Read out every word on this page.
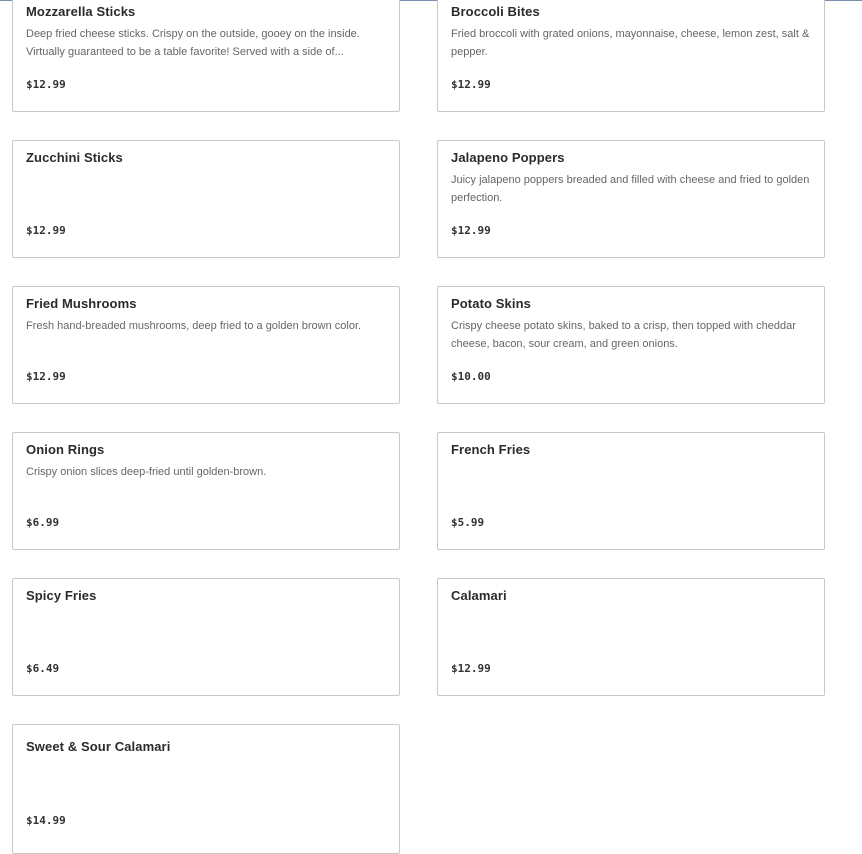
Mozzarella Sticks
Deep fried cheese sticks. Crispy on the outside, gooey on the inside. Virtually guaranteed to be a table favorite! Served with a side of...
$12.99
Broccoli Bites
Fried broccoli with grated onions, mayonnaise, cheese, lemon zest, salt & pepper.
$12.99
Zucchini Sticks
$12.99
Jalapeno Poppers
Juicy jalapeno poppers breaded and filled with cheese and fried to golden perfection.
$12.99
Fried Mushrooms
Fresh hand-breaded mushrooms, deep fried to a golden brown color.
$12.99
Potato Skins
Crispy cheese potato skins, baked to a crisp, then topped with cheddar cheese, bacon, sour cream, and green onions.
$10.00
Onion Rings
Crispy onion slices deep-fried until golden-brown.
$6.99
French Fries
$5.99
Spicy Fries
$6.49
Calamari
$12.99
Sweet & Sour Calamari
$14.99
